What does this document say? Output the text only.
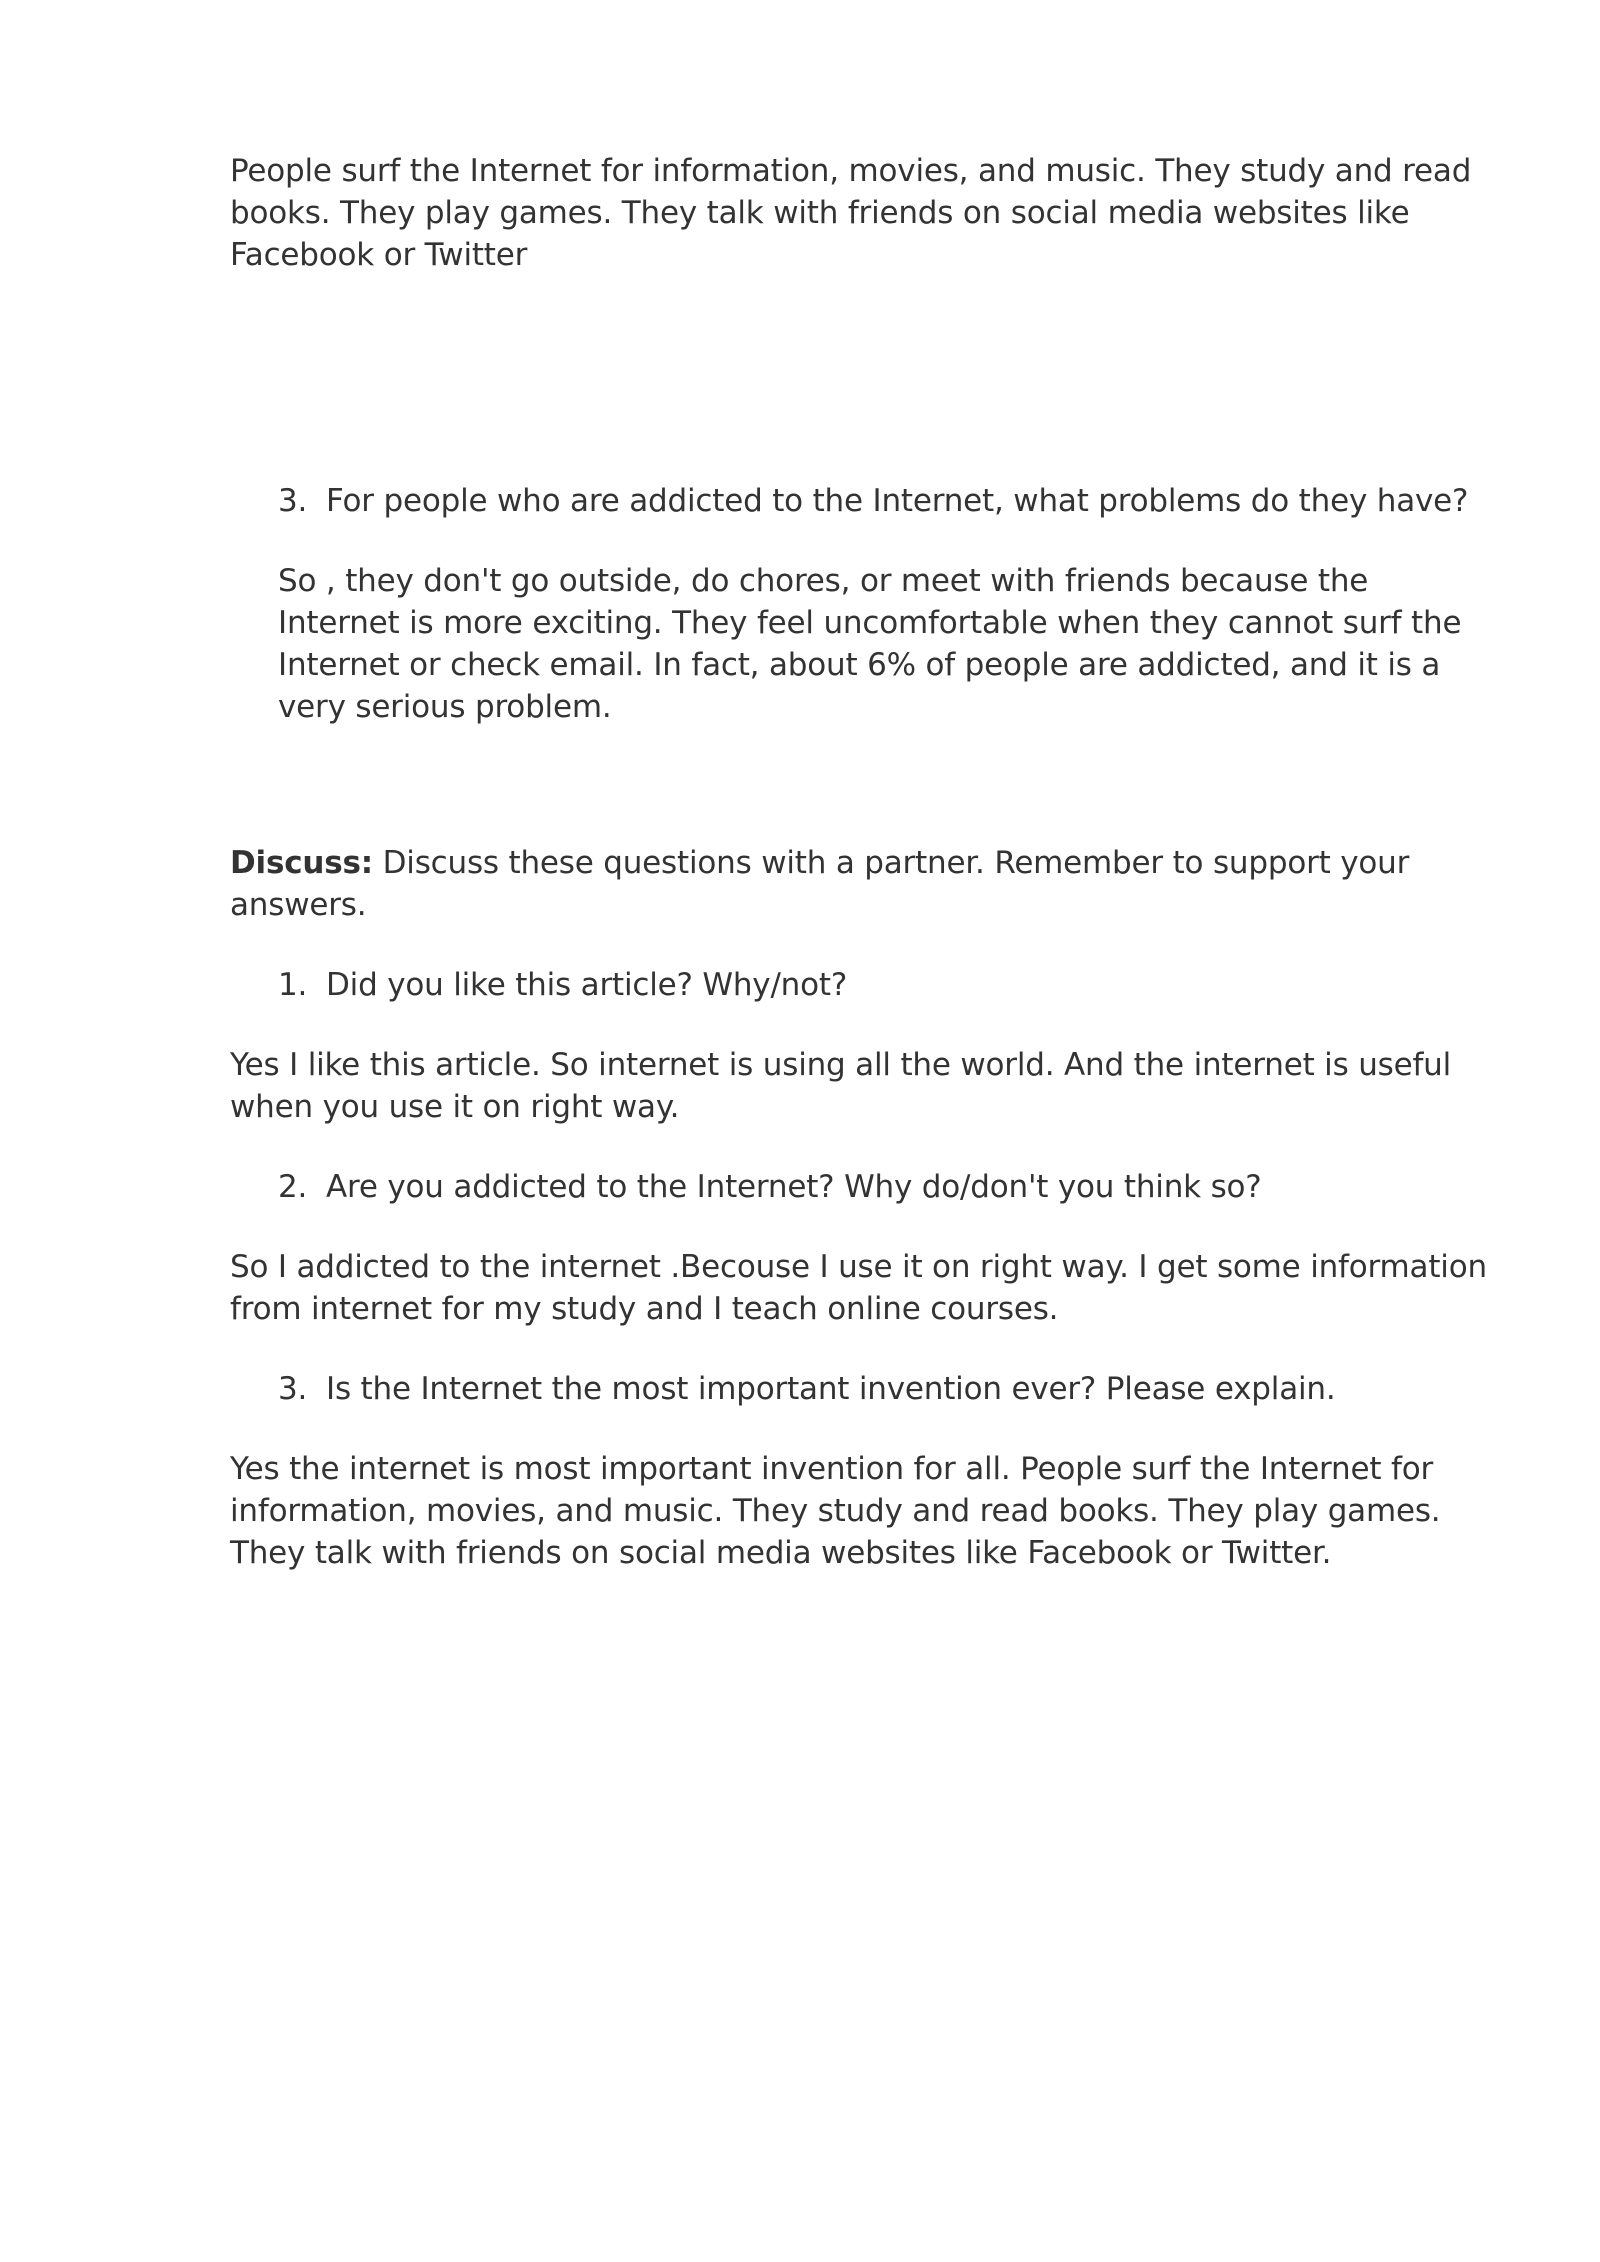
People surf the Internet for information, movies, and music. They study and read books. They play games. They talk with friends on social media websites like Facebook or Twitter

3. For people who are addicted to the Internet, what problems do they have?

So , they don't go outside, do chores, or meet with friends because the Internet is more exciting. They feel uncomfortable when they cannot surf the Internet or check email. In fact, about 6% of people are addicted, and it is a very serious problem.

Discuss: Discuss these questions with a partner. Remember to support your answers.

1. Did you like this article? Why/not?

Yes I like this article. So internet is using all the world. And the internet is useful when you use it on right way.

2. Are you addicted to the Internet? Why do/don't you think so?

So I addicted to the internet .Becouse I use it on right way. I get some information from internet for my study and I teach online courses.

3. Is the Internet the most important invention ever? Please explain.

Yes the internet is most important invention for all. People surf the Internet for information, movies, and music. They study and read books. They play games. They talk with friends on social media websites like Facebook or Twitter.
